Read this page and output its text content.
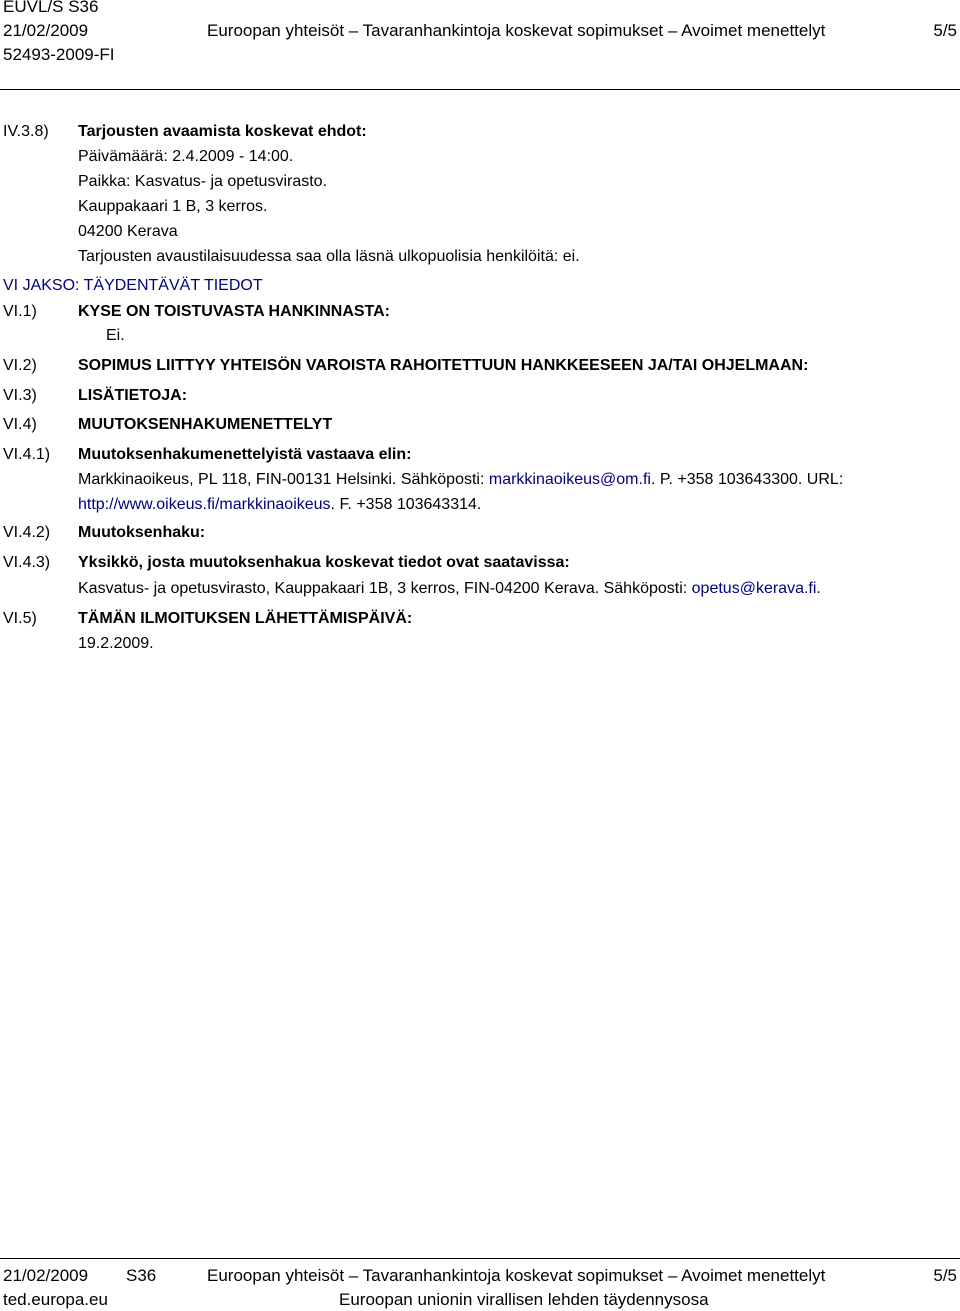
EUVL/S S36
21/02/2009	Euroopan yhteisöt – Tavaranhankintoja koskevat sopimukset – Avoimet menettelyt	5/5
52493-2009-FI
IV.3.8) Tarjousten avaamista koskevat ehdot:
Päivämäärä: 2.4.2009 - 14:00.
Paikka: Kasvatus- ja opetusvirasto.
Kauppakaari 1 B, 3 kerros.
04200 Kerava
Tarjousten avaustilaisuudessa saa olla läsnä ulkopuolisia henkilöitä: ei.
VI JAKSO: TÄYDENTÄVÄT TIEDOT
VI.1)	KYSE ON TOISTUVASTA HANKINNASTA:
Ei.
VI.2)	SOPIMUS LIITTYY YHTEISÖN VAROISTA RAHOITETTUUN HANKKEESEEN JA/TAI OHJELMAAN:
VI.3)	LISÄTIETOJA:
VI.4)	MUUTOKSENHAKUMENETTELYT
VI.4.1) Muutoksenhakumenettelyistä vastaava elin:
Markkinaoikeus, PL 118, FIN-00131 Helsinki. Sähköposti: markkinaoikeus@om.fi. P. +358 103643300. URL:
http://www.oikeus.fi/markkinaoikeus. F. +358 103643314.
VI.4.2) Muutoksenhaku:
VI.4.3) Yksikkö, josta muutoksenhakua koskevat tiedot ovat saatavissa:
Kasvatus- ja opetusvirasto, Kauppakaari 1B, 3 kerros, FIN-04200 Kerava. Sähköposti: opetus@kerava.fi.
VI.5)	TÄMÄN ILMOITUKSEN LÄHETTÄMISPÄIVÄ:
19.2.2009.
21/02/2009 S36	Euroopan yhteisöt – Tavaranhankintoja koskevat sopimukset – Avoimet menettelyt	5/5
ted.europa.eu	Euroopan unionin virallisen lehden täydennysosa
